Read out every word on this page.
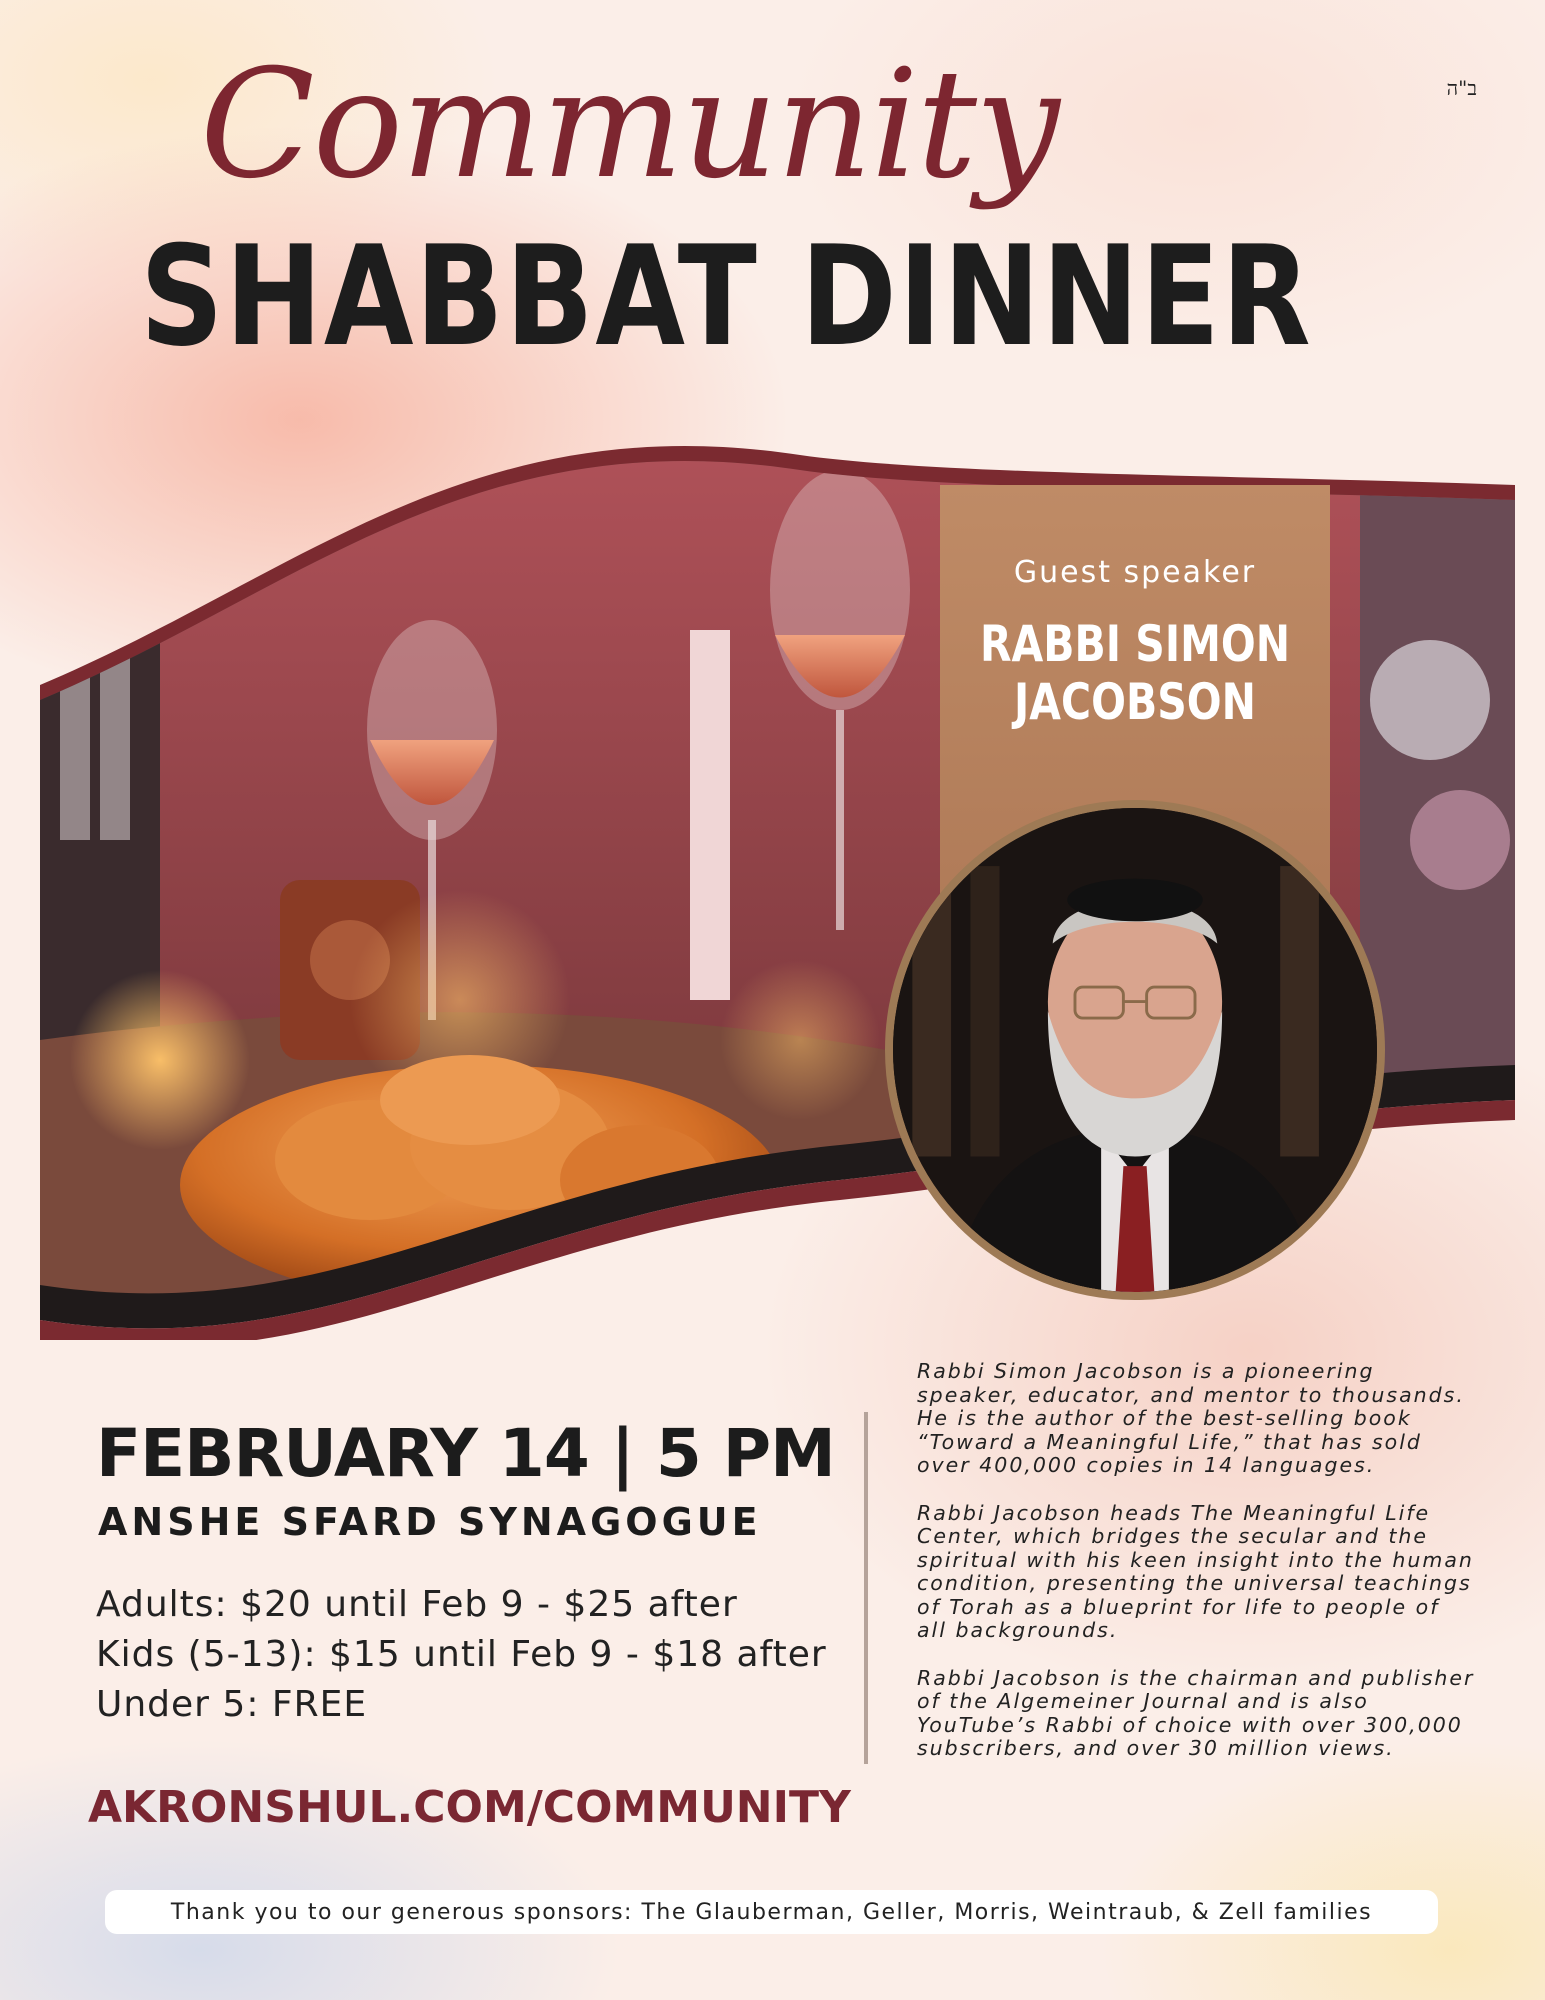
ב"ה
Community
SHABBAT DINNER
Guest speaker
RABBI SIMON
JACOBSON
FEBRUARY 14 | 5 PM
ANSHE SFARD SYNAGOGUE
Adults: $20 until Feb 9 - $25 after
Kids (5-13): $15 until Feb 9 - $18 after
Under 5: FREE
AKRONSHUL.COM/COMMUNITY

Rabbi Simon Jacobson is a pioneering speaker, educator, and mentor to thousands. He is the author of the best-selling book “Toward a Meaningful Life,” that has sold over 400,000 copies in 14 languages.

Rabbi Jacobson heads The Meaningful Life Center, which bridges the secular and the spiritual with his keen insight into the human condition, presenting the universal teachings of Torah as a blueprint for life to people of all backgrounds.

Rabbi Jacobson is the chairman and publisher of the Algemeiner Journal and is also YouTube’s Rabbi of choice with over 300,000 subscribers, and over 30 million views.

Thank you to our generous sponsors: The Glauberman, Geller, Morris, Weintraub, & Zell families
